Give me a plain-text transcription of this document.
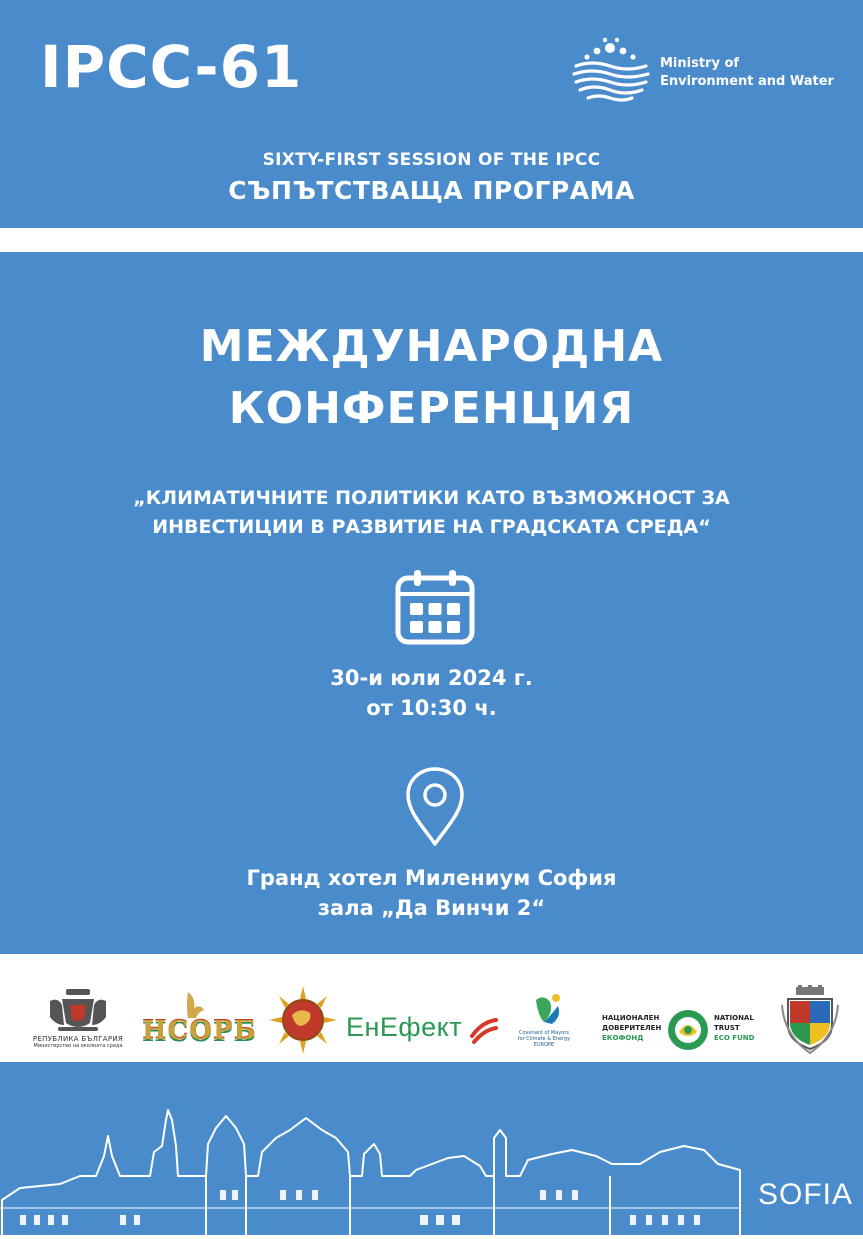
IPCC-61	Ministry of
Environment and Water
SIXTY-FIRST SESSION OF THE IPCC
СЪПЪТСТВАЩА ПРОГРАМА
МЕЖДУНАРОДНА
КОНФЕРЕНЦИЯ
„КЛИМАТИЧНИТЕ ПОЛИТИКИ КАТО ВЪЗМОЖНОСТ ЗА
ИНВЕСТИЦИИ В РАЗВИТИЕ НА ГРАДСКАТА СРЕДА“
30-и юли 2024 г.
от 10:30 ч.
Гранд хотел Милениум София
зала „Да Винчи 2“
РЕПУБЛИКА БЪЛГАРИЯ
Министерство на околната среда НСОРБ	ЕнЕфект	Covenant of Mayors
for Climate & Energy
EUROPE
НАЦИОНАЛЕН
ДОВЕРИТЕЛЕН
ЕКОФОНД
NATIONAL
TRUST
ECO FUND
SOFIA
